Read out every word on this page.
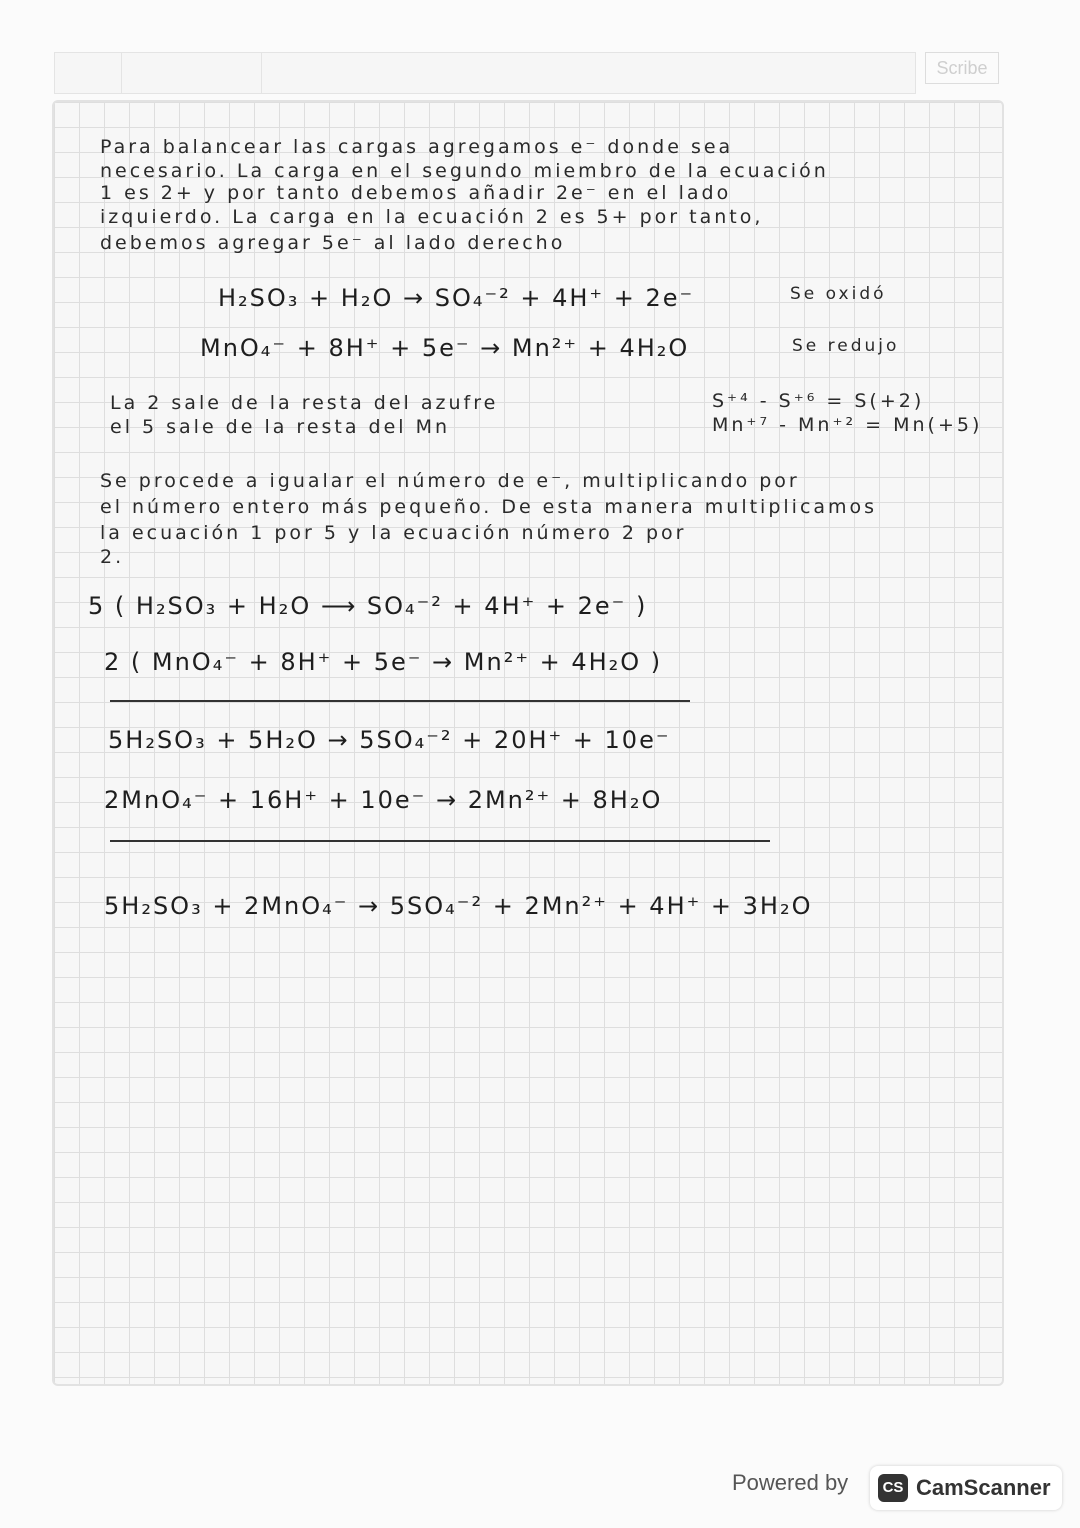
Scribe
Para balancear las cargas agregamos e⁻ donde sea
necesario. La carga en el segundo miembro de la ecuación
1 es 2+ y por tanto debemos añadir 2e⁻ en el lado
izquierdo. La carga en la ecuación 2 es 5+ por tanto,
debemos agregar 5e⁻ al lado derecho
H₂SO₃ + H₂O → SO₄⁻² + 4H⁺ + 2e⁻	Se oxidó
MnO₄⁻ + 8H⁺ + 5e⁻ → Mn²⁺ + 4H₂O	Se redujo
La 2 sale de la resta del azufre	S⁺⁴ - S⁺⁶ = S(+2)
el 5 sale de la resta del Mn	Mn⁺⁷ - Mn⁺² = Mn(+5)
Se procede a igualar el número de e⁻, multiplicando por
el número entero más pequeño. De esta manera multiplicamos
la ecuación 1 por 5 y la ecuación número 2 por
2.
5 ( H₂SO₃ + H₂O ⟶ SO₄⁻² + 4H⁺ + 2e⁻ )
2 ( MnO₄⁻ + 8H⁺ + 5e⁻ → Mn²⁺ + 4H₂O )
5H₂SO₃ + 5H₂O → 5SO₄⁻² + 20H⁺ + 10e⁻
2MnO₄⁻ + 16H⁺ + 10e⁻ → 2Mn²⁺ + 8H₂O
5H₂SO₃ + 2MnO₄⁻ → 5SO₄⁻² + 2Mn²⁺ + 4H⁺ + 3H₂O
Powered by	CS CamScanner
